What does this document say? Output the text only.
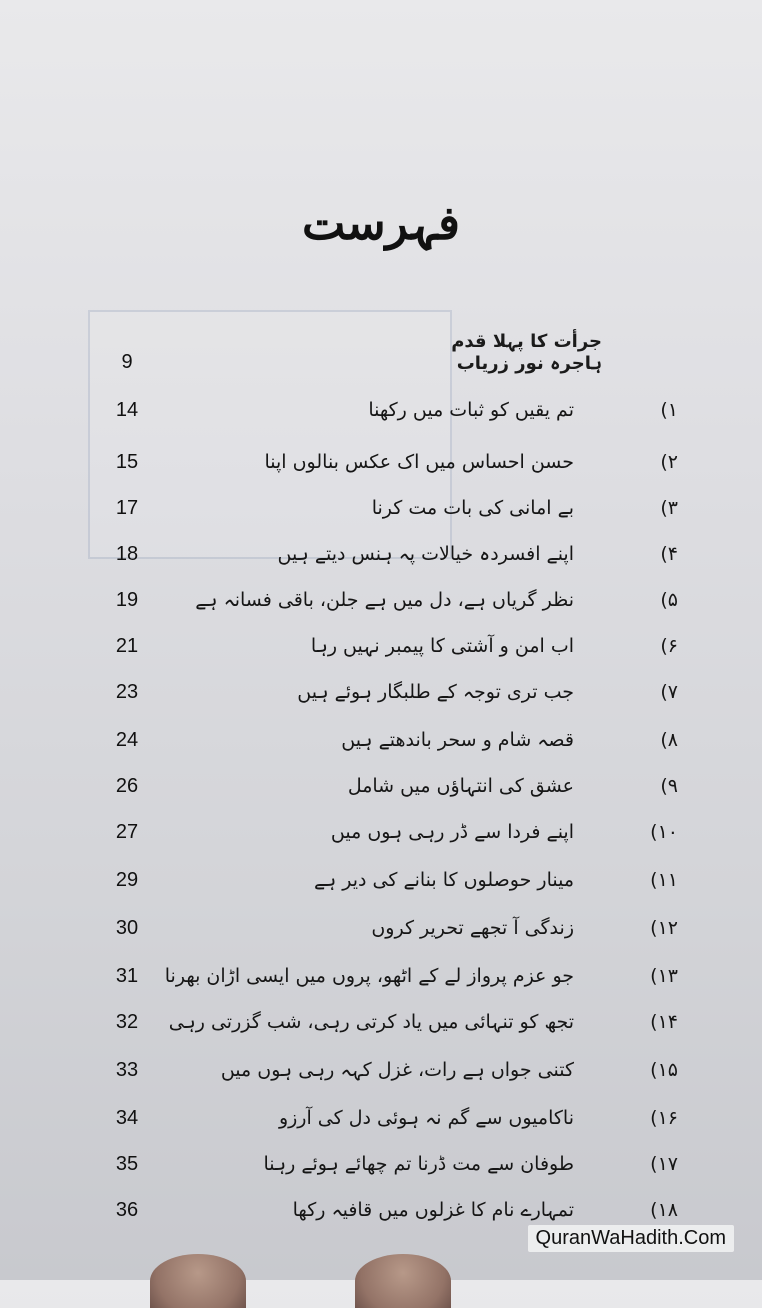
فہرست
جرأت کا پہلا قدم
ہاجرہ نور زریاب
9
14	تم یقیں کو ثبات میں رکھنا	۱)
15	حسن احساس میں اک عکس بنالوں اپنا	۲)
17	بے امانی کی بات مت کرنا	۳)
18	اپنے افسردہ خیالات پہ ہنس دیتے ہیں	۴)
19	نظر گریاں ہے، دل میں ہے جلن، باقی فسانہ ہے	۵)
21	اب امن و آشتی کا پیمبر نہیں رہا	۶)
23	جب تری توجہ کے طلبگار ہوئے ہیں	۷)
24	قصہ شام و سحر باندھتے ہیں	۸)
26	عشق کی انتہاؤں میں شامل	۹)
27	اپنے فردا سے ڈر رہی ہوں میں	۱۰)
29	مینار حوصلوں کا بنانے کی دیر ہے	۱۱)
30	زندگی آ تجھے تحریر کروں	۱۲)
31	جو عزم پرواز لے کے اٹھو، پروں میں ایسی اڑان بھرنا	۱۳)
32	تجھ کو تنہائی میں یاد کرتی رہی، شب گزرتی رہی	۱۴)
33	کتنی جواں ہے رات، غزل کہہ رہی ہوں میں	۱۵)
34	ناکامیوں سے گم نہ ہوئی دل کی آرزو	۱۶)
35	طوفان سے مت ڈرنا تم چھائے ہوئے رہنا	۱۷)
36	تمہارے نام کا غزلوں میں قافیہ رکھا	۱۸)
QuranWaHadith.Com
